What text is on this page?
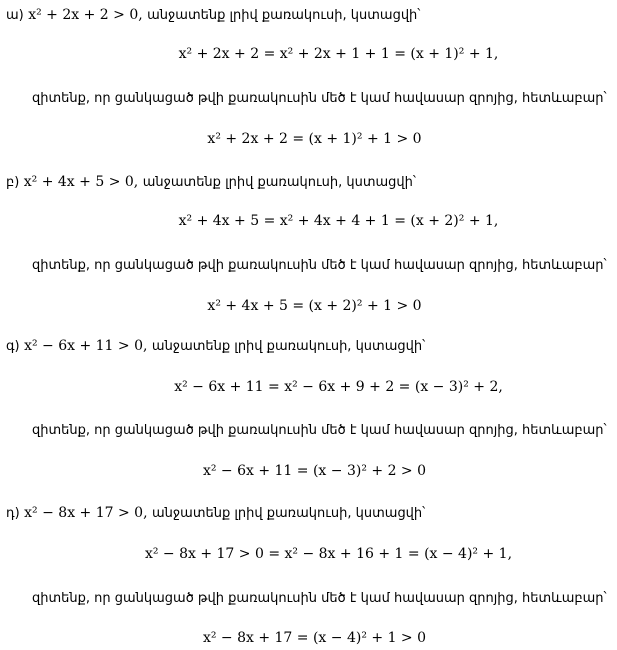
ա) x² + 2x + 2 > 0, անջատենք լրիվ քառակուսի, կստացվի՝
x² + 2x + 2 = x² + 2x + 1 + 1 = (x + 1)² + 1,
զիտենք, որ ցանկացած թվի քառակուսին մեծ է կամ հավասար զրոյից, հետևաբար՝
x² + 2x + 2 = (x + 1)² + 1 > 0
բ) x² + 4x + 5 > 0, անջատենք լրիվ քառակուսի, կստացվի՝
x² + 4x + 5 = x² + 4x + 4 + 1 = (x + 2)² + 1,
զիտենք, որ ցանկացած թվի քառակուսին մեծ է կամ հավասար զրոյից, հետևաբար՝
x² + 4x + 5 = (x + 2)² + 1 > 0
գ) x² − 6x + 11 > 0, անջատենք լրիվ քառակուսի, կստացվի՝
x² − 6x + 11 = x² − 6x + 9 + 2 = (x − 3)² + 2,
զիտենք, որ ցանկացած թվի քառակուսին մեծ է կամ հավասար զրոյից, հետևաբար՝
x² − 6x + 11 = (x − 3)² + 2 > 0
դ) x² − 8x + 17 > 0, անջատենք լրիվ քառակուսի, կստացվի՝
x² − 8x + 17 > 0 = x² − 8x + 16 + 1 = (x − 4)² + 1,
զիտենք, որ ցանկացած թվի քառակուսին մեծ է կամ հավասար զրոյից, հետևաբար՝
x² − 8x + 17 = (x − 4)² + 1 > 0
